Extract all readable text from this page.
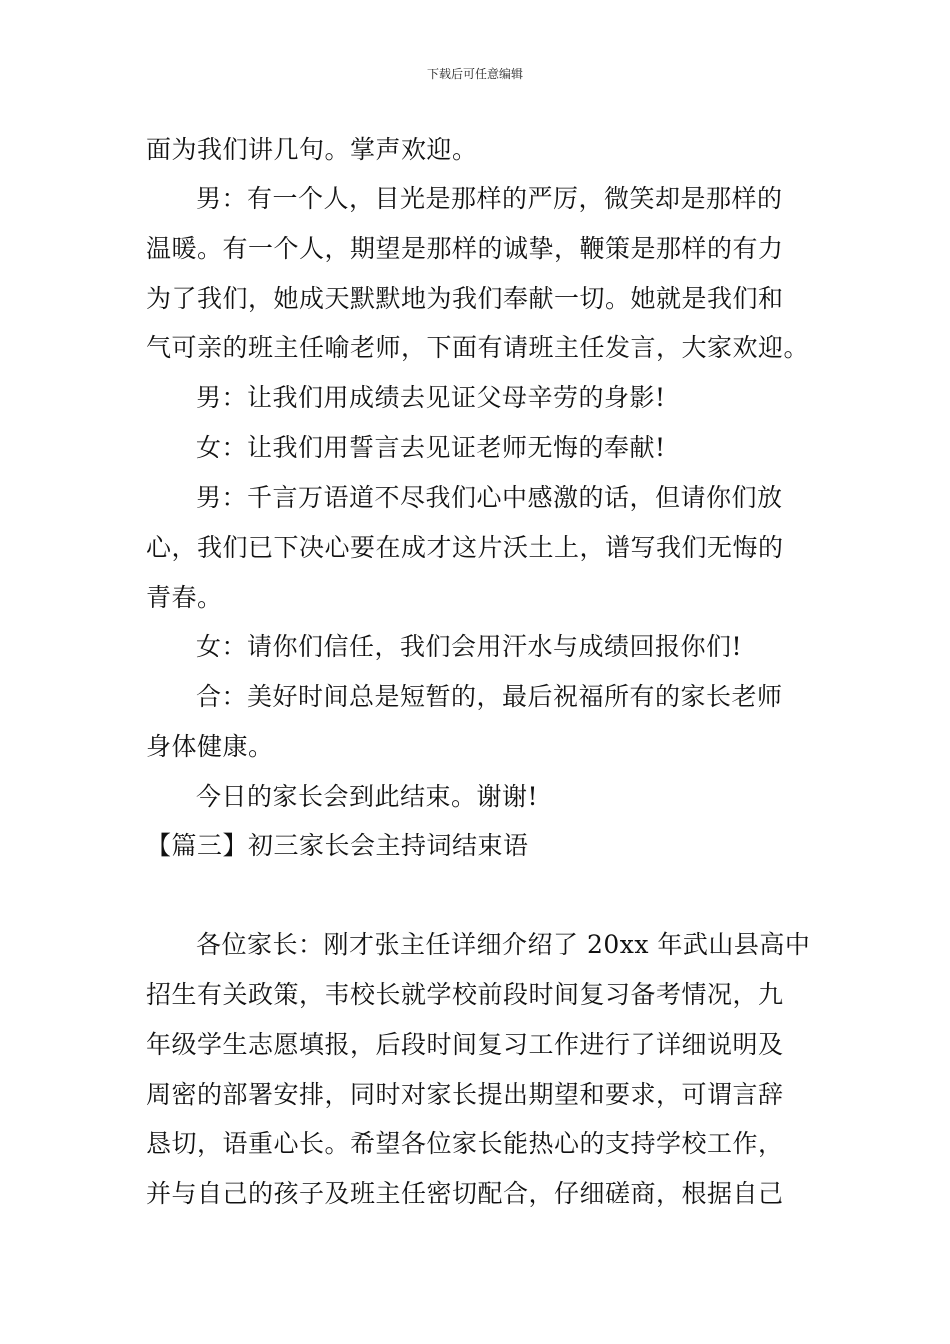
下载后可任意编辑
面为我们讲几句。掌声欢迎。
男：有一个人，目光是那样的严厉，微笑却是那样的
温暖。有一个人，期望是那样的诚挚，鞭策是那样的有力
为了我们，她成天默默地为我们奉献一切。她就是我们和
气可亲的班主任喻老师，下面有请班主任发言，大家欢迎。
男：让我们用成绩去见证父母辛劳的身影!
女：让我们用誓言去见证老师无悔的奉献!
男：千言万语道不尽我们心中感激的话，但请你们放
心，我们已下决心要在成才这片沃土上，谱写我们无悔的
青春。
女：请你们信任，我们会用汗水与成绩回报你们!
合：美好时间总是短暂的，最后祝福所有的家长老师
身体健康。
今日的家长会到此结束。谢谢!
【篇三】初三家长会主持词结束语
各位家长：刚才张主任详细介绍了 20xx 年武山县高中
招生有关政策，韦校长就学校前段时间复习备考情况，九
年级学生志愿填报，后段时间复习工作进行了详细说明及
周密的部署安排，同时对家长提出期望和要求，可谓言辞
恳切，语重心长。希望各位家长能热心的支持学校工作，
并与自己的孩子及班主任密切配合，仔细磋商，根据自己
